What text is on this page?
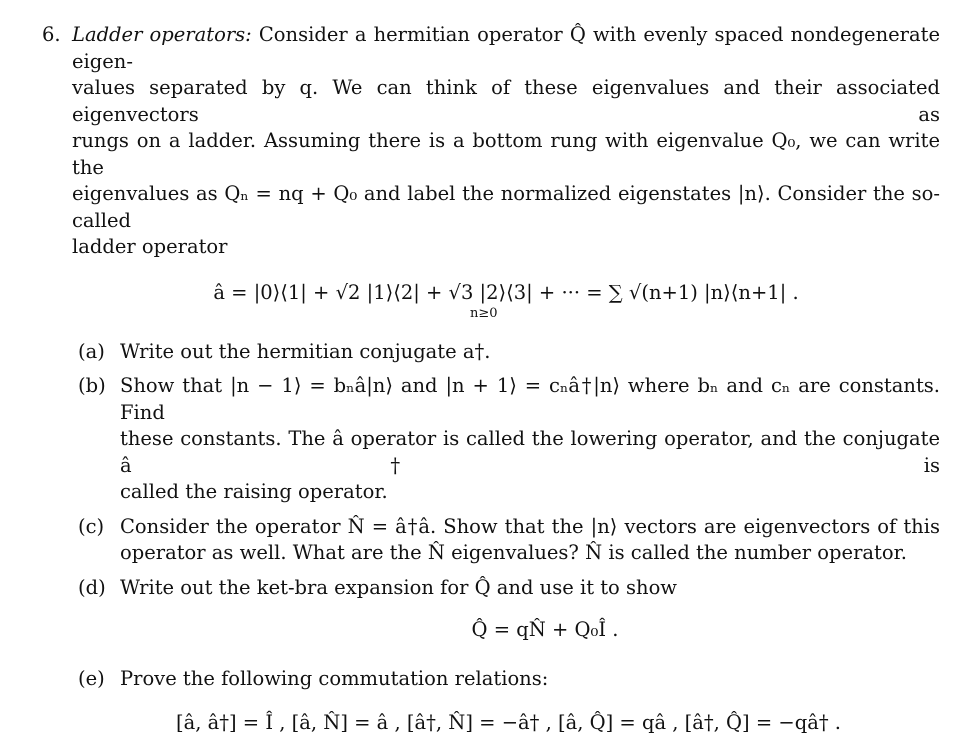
6. Ladder operators: Consider a hermitian operator Q̂ with evenly spaced nondegenerate eigen-
values separated by q. We can think of these eigenvalues and their associated eigenvectors as
rungs on a ladder. Assuming there is a bottom rung with eigenvalue Q₀, we can write the
eigenvalues as Qₙ = nq + Q₀ and label the normalized eigenstates |n⟩. Consider the so-called
ladder operator
â = |0⟩⟨1| + √2 |1⟩⟨2| + √3 |2⟩⟨3| + ··· = ∑ √(n+1) |n⟩⟨n+1| .
n≥0
(a) Write out the hermitian conjugate a†.
(b) Show that |n − 1⟩ = bₙâ|n⟩ and |n + 1⟩ = cₙâ†|n⟩ where bₙ and cₙ are constants. Find
these constants. The â operator is called the lowering operator, and the conjugate â† is
called the raising operator.
(c) Consider the operator N̂ = â†â. Show that the |n⟩ vectors are eigenvectors of this
operator as well. What are the N̂ eigenvalues? N̂ is called the number operator.
(d) Write out the ket-bra expansion for Q̂ and use it to show
Q̂ = qN̂ + Q₀Î .
(e) Prove the following commutation relations:
[â, â†] = Î , [â, N̂] = â , [â†, N̂] = −â† , [â, Q̂] = qâ , [â†, Q̂] = −qâ† .
